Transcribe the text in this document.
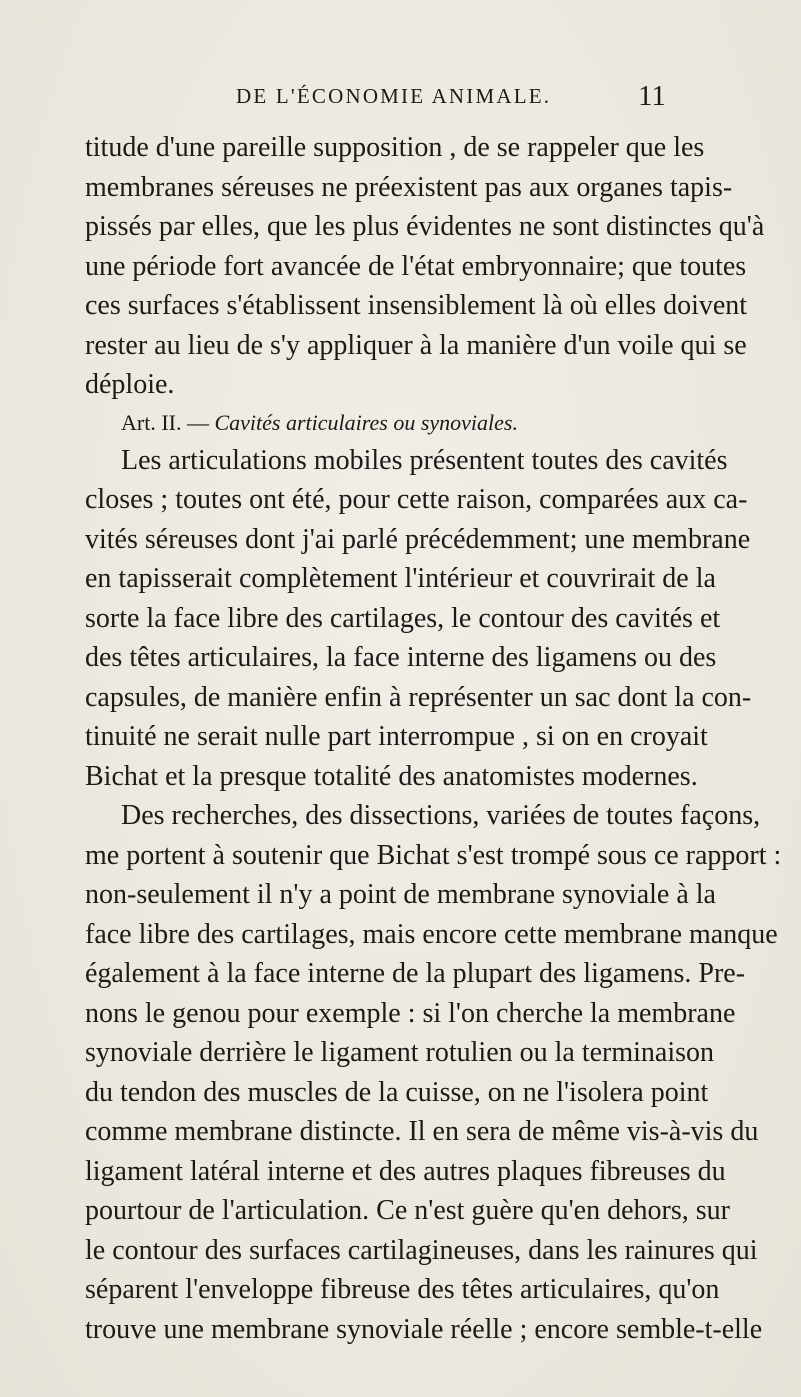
DE L'ÉCONOMIE ANIMALE.	11
titude d'une pareille supposition , de se rappeler que les
membranes séreuses ne préexistent pas aux organes tapis-
pissés par elles, que les plus évidentes ne sont distinctes qu'à
une période fort avancée de l'état embryonnaire; que toutes
ces surfaces s'établissent insensiblement là où elles doivent
rester au lieu de s'y appliquer à la manière d'un voile qui se
déploie.
Art. II. — Cavités articulaires ou synoviales.
Les articulations mobiles présentent toutes des cavités
closes ; toutes ont été, pour cette raison, comparées aux ca-
vités séreuses dont j'ai parlé précédemment; une membrane
en tapisserait complètement l'intérieur et couvrirait de la
sorte la face libre des cartilages, le contour des cavités et
des têtes articulaires, la face interne des ligamens ou des
capsules, de manière enfin à représenter un sac dont la con-
tinuité ne serait nulle part interrompue , si on en croyait
Bichat et la presque totalité des anatomistes modernes.
Des recherches, des dissections, variées de toutes façons,
me portent à soutenir que Bichat s'est trompé sous ce rapport :
non-seulement il n'y a point de membrane synoviale à la
face libre des cartilages, mais encore cette membrane manque
également à la face interne de la plupart des ligamens. Pre-
nons le genou pour exemple : si l'on cherche la membrane
synoviale derrière le ligament rotulien ou la terminaison
du tendon des muscles de la cuisse, on ne l'isolera point
comme membrane distincte. Il en sera de même vis-à-vis du
ligament latéral interne et des autres plaques fibreuses du
pourtour de l'articulation. Ce n'est guère qu'en dehors, sur
le contour des surfaces cartilagineuses, dans les rainures qui
séparent l'enveloppe fibreuse des têtes articulaires, qu'on
trouve une membrane synoviale réelle ; encore semble-t-elle
